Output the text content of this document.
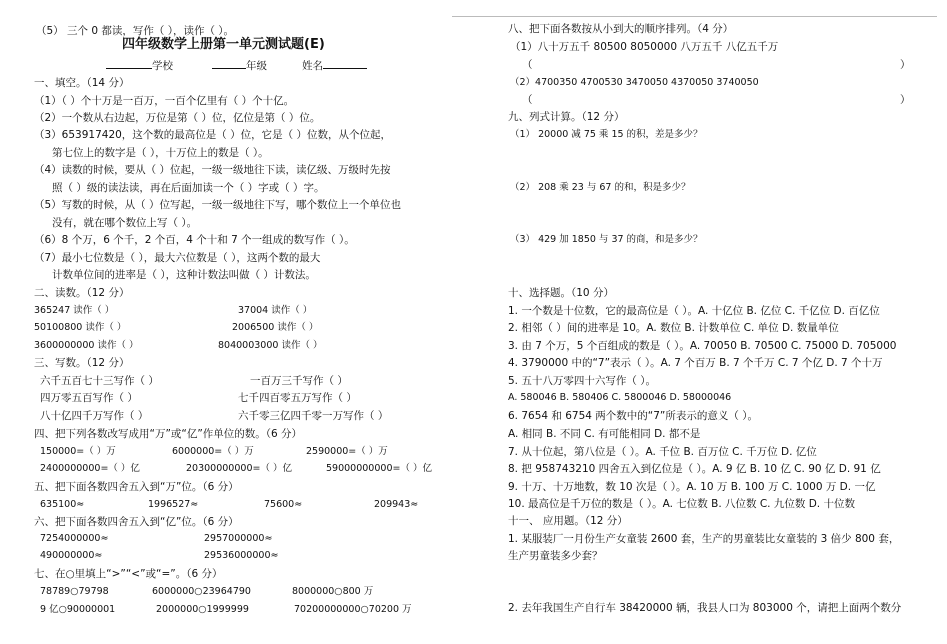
（5） 三个 0 都读，写作（ ），读作（ ）。
四年级数学上册第一单元测试题(E)
学校	年级	姓名
一、填空。（14 分）
（1）（ ）个十万是一百万，一百个亿里有（ ）个十亿。
（2）一个数从右边起，万位是第（ ）位，亿位是第（ ）位。
（3）653917420，这个数的最高位是（ ）位，它是（ ）位数，从个位起，
第七位上的数字是（ ），十万位上的数是（ ）。
（4）读数的时候，要从（ ）位起，一级一级地往下读，读亿级、万级时先按
照（ ）级的读法读，再在后面加读一个（ ）字或（ ）字。
（5）写数的时候，从（ ）位写起，一级一级地往下写，哪个数位上一个单位也
没有，就在哪个数位上写（ ）。
（6）8 个万，6 个千，2 个百，4 个十和 7 个一组成的数写作（ ）。
（7）最小七位数是（ ），最大六位数是（ ），这两个数的最大
计数单位间的进率是（ ），这种计数法叫做（ ）计数法。
二、读数。（12 分）
365247 读作（ ）	37004 读作（ ）
50100800 读作（ ）	2006500 读作（ ）
3600000000 读作（ ）	8040003000 读作（ ）
三、写数。（12 分）
六千五百七十三写作（ ）	一百万三千写作（ ）
四万零五百写作（ ）	七千四百零五万写作（ ）
八十亿四千万写作（ ）	六千零三亿四千零一万写作（ ）
四、把下列各数改写成用“万”或“亿”作单位的数。（6 分）
150000=（ ）万	6000000=（ ）万	2590000=（ ）万
2400000000=（ ）亿	20300000000=（ ）亿	59000000000=（ ）亿
五、把下面各数四舍五入到“万”位。（6 分）
635100≈	1996527≈	75600≈	209943≈
六、把下面各数四舍五入到“亿”位。（6 分）
7254000000≈	2957000000≈
490000000≈	29536000000≈
七、在○里填上“>”“<”或“=”。（6 分）
78789○79798	6000000○23964790	8000000○800 万
9 亿○90000001	2000000○1999999	70200000000○70200 万
八、把下面各数按从小到大的顺序排列。（4 分）
（1）八十万五千 80500 8050000 八万五千 八亿五千万
（	）
（2）4700350 4700530 3470050 4370050 3740050
（	）
九、列式计算。（12 分）
（1） 20000 减 75 乘 15 的积，差是多少？
（2） 208 乘 23 与 67 的和，积是多少？
（3） 429 加 1850 与 37 的商，和是多少？
十、选择题。（10 分）
1. 一个数是十位数，它的最高位是（ ）。A. 十亿位 B. 亿位 C. 千亿位 D. 百亿位
2. 相邻（ ）间的进率是 10。A. 数位 B. 计数单位 C. 单位 D. 数量单位
3. 由 7 个万，5 个百组成的数是（ ）。A. 70050 B. 70500 C. 75000 D. 705000
4. 3790000 中的“7”表示（ ）。A. 7 个百万 B. 7 个千万 C. 7 个亿 D. 7 个十万
5. 五十八万零四十六写作（ ）。
A. 580046 B. 580406 C. 5800046 D. 58000046
6. 7654 和 6754 两个数中的“7”所表示的意义（ ）。
A. 相同 B. 不同 C. 有可能相同 D. 都不是
7. 从十位起，第八位是（ ）。A. 千位 B. 百万位 C. 千万位 D. 亿位
8. 把 958743210 四舍五入到亿位是（ ）。A. 9 亿 B. 10 亿 C. 90 亿 D. 91 亿
9. 十万、十万地数，数 10 次是（ ）。A. 10 万 B. 100 万 C. 1000 万 D. 一亿
10. 最高位是千万位的数是（ ）。A. 七位数 B. 八位数 C. 九位数 D. 十位数
十一、 应用题。（12 分）
1. 某服装厂一月份生产女童装 2600 套，生产的男童装比女童装的 3 倍少 800 套，
生产男童装多少套？
2. 去年我国生产自行车 38420000 辆，我县人口为 803000 个，请把上面两个数分
